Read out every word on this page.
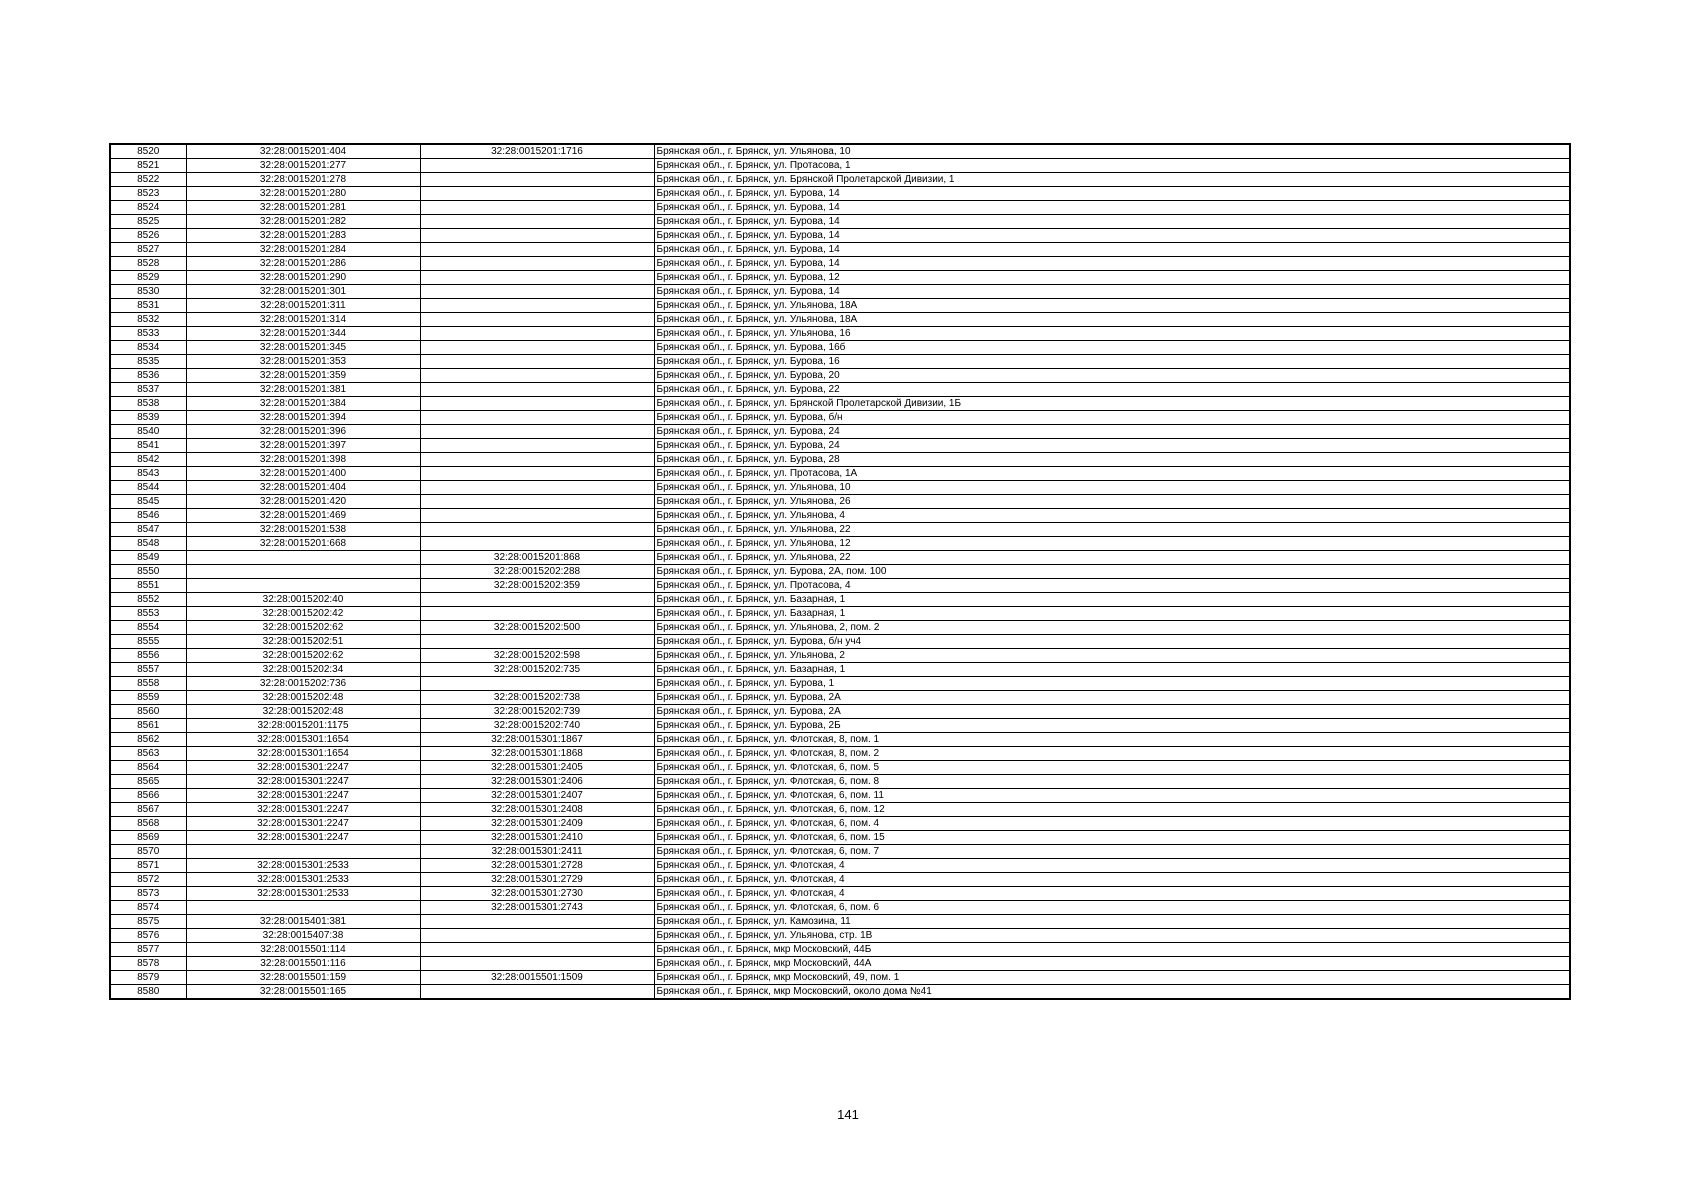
8520	32:28:0015201:404	32:28:0015201:1716	Брянская обл., г. Брянск, ул. Ульянова, 10
8521	32:28:0015201:277		Брянская обл., г. Брянск, ул. Протасова, 1
8522	32:28:0015201:278		Брянская обл., г. Брянск, ул. Брянской Пролетарской Дивизии, 1
8523	32:28:0015201:280		Брянская обл., г. Брянск, ул. Бурова, 14
8524	32:28:0015201:281		Брянская обл., г. Брянск, ул. Бурова, 14
8525	32:28:0015201:282		Брянская обл., г. Брянск, ул. Бурова, 14
8526	32:28:0015201:283		Брянская обл., г. Брянск, ул. Бурова, 14
8527	32:28:0015201:284		Брянская обл., г. Брянск, ул. Бурова, 14
8528	32:28:0015201:286		Брянская обл., г. Брянск, ул. Бурова, 14
8529	32:28:0015201:290		Брянская обл., г. Брянск, ул. Бурова, 12
8530	32:28:0015201:301		Брянская обл., г. Брянск, ул. Бурова, 14
8531	32:28:0015201:311		Брянская обл., г. Брянск, ул. Ульянова, 18А
8532	32:28:0015201:314		Брянская обл., г. Брянск, ул. Ульянова, 18А
8533	32:28:0015201:344		Брянская обл., г. Брянск, ул. Ульянова, 16
8534	32:28:0015201:345		Брянская обл., г. Брянск, ул. Бурова, 16б
8535	32:28:0015201:353		Брянская обл., г. Брянск, ул. Бурова, 16
8536	32:28:0015201:359		Брянская обл., г. Брянск, ул. Бурова, 20
8537	32:28:0015201:381		Брянская обл., г. Брянск, ул. Бурова, 22
8538	32:28:0015201:384		Брянская обл., г. Брянск, ул. Брянской Пролетарской Дивизии, 1Б
8539	32:28:0015201:394		Брянская обл., г. Брянск, ул. Бурова, б/н
8540	32:28:0015201:396		Брянская обл., г. Брянск, ул. Бурова, 24
8541	32:28:0015201:397		Брянская обл., г. Брянск, ул. Бурова, 24
8542	32:28:0015201:398		Брянская обл., г. Брянск, ул. Бурова, 28
8543	32:28:0015201:400		Брянская обл., г. Брянск, ул. Протасова, 1А
8544	32:28:0015201:404		Брянская обл., г. Брянск, ул. Ульянова, 10
8545	32:28:0015201:420		Брянская обл., г. Брянск, ул. Ульянова, 26
8546	32:28:0015201:469		Брянская обл., г. Брянск, ул. Ульянова, 4
8547	32:28:0015201:538		Брянская обл., г. Брянск, ул. Ульянова, 22
8548	32:28:0015201:668		Брянская обл., г. Брянск, ул. Ульянова, 12
8549		32:28:0015201:868	Брянская обл., г. Брянск, ул. Ульянова, 22
8550		32:28:0015202:288	Брянская обл., г. Брянск, ул. Бурова, 2А, пом. 100
8551		32:28:0015202:359	Брянская обл., г. Брянск, ул. Протасова, 4
8552	32:28:0015202:40		Брянская обл., г. Брянск, ул. Базарная, 1
8553	32:28:0015202:42		Брянская обл., г. Брянск, ул. Базарная, 1
8554	32:28:0015202:62	32:28:0015202:500	Брянская обл., г. Брянск, ул. Ульянова, 2, пом. 2
8555	32:28:0015202:51		Брянская обл., г. Брянск, ул. Бурова, б/н уч4
8556	32:28:0015202:62	32:28:0015202:598	Брянская обл., г. Брянск, ул. Ульянова, 2
8557	32:28:0015202:34	32:28:0015202:735	Брянская обл., г. Брянск, ул. Базарная, 1
8558	32:28:0015202:736		Брянская обл., г. Брянск, ул. Бурова, 1
8559	32:28:0015202:48	32:28:0015202:738	Брянская обл., г. Брянск, ул. Бурова, 2А
8560	32:28:0015202:48	32:28:0015202:739	Брянская обл., г. Брянск, ул. Бурова, 2А
8561	32:28:0015201:1175	32:28:0015202:740	Брянская обл., г. Брянск, ул. Бурова, 2Б
8562	32:28:0015301:1654	32:28:0015301:1867	Брянская обл., г. Брянск, ул. Флотская, 8, пом. 1
8563	32:28:0015301:1654	32:28:0015301:1868	Брянская обл., г. Брянск, ул. Флотская, 8, пом. 2
8564	32:28:0015301:2247	32:28:0015301:2405	Брянская обл., г. Брянск, ул. Флотская, 6, пом. 5
8565	32:28:0015301:2247	32:28:0015301:2406	Брянская обл., г. Брянск, ул. Флотская, 6, пом. 8
8566	32:28:0015301:2247	32:28:0015301:2407	Брянская обл., г. Брянск, ул. Флотская, 6, пом. 11
8567	32:28:0015301:2247	32:28:0015301:2408	Брянская обл., г. Брянск, ул. Флотская, 6, пом. 12
8568	32:28:0015301:2247	32:28:0015301:2409	Брянская обл., г. Брянск, ул. Флотская, 6, пом. 4
8569	32:28:0015301:2247	32:28:0015301:2410	Брянская обл., г. Брянск, ул. Флотская, 6, пом. 15
8570		32:28:0015301:2411	Брянская обл., г. Брянск, ул. Флотская, 6, пом. 7
8571	32:28:0015301:2533	32:28:0015301:2728	Брянская обл., г. Брянск, ул. Флотская, 4
8572	32:28:0015301:2533	32:28:0015301:2729	Брянская обл., г. Брянск, ул. Флотская, 4
8573	32:28:0015301:2533	32:28:0015301:2730	Брянская обл., г. Брянск, ул. Флотская, 4
8574		32:28:0015301:2743	Брянская обл., г. Брянск, ул. Флотская, 6, пом. 6
8575	32:28:0015401:381		Брянская обл., г. Брянск, ул. Камозина, 11
8576	32:28:0015407:38		Брянская обл., г. Брянск, ул. Ульянова, стр. 1В
8577	32:28:0015501:114		Брянская обл., г. Брянск, мкр Московский, 44Б
8578	32:28:0015501:116		Брянская обл., г. Брянск, мкр Московский, 44А
8579	32:28:0015501:159	32:28:0015501:1509	Брянская обл., г. Брянск, мкр Московский, 49, пом. 1
8580	32:28:0015501:165		Брянская обл., г. Брянск, мкр Московский, около дома №41
141
